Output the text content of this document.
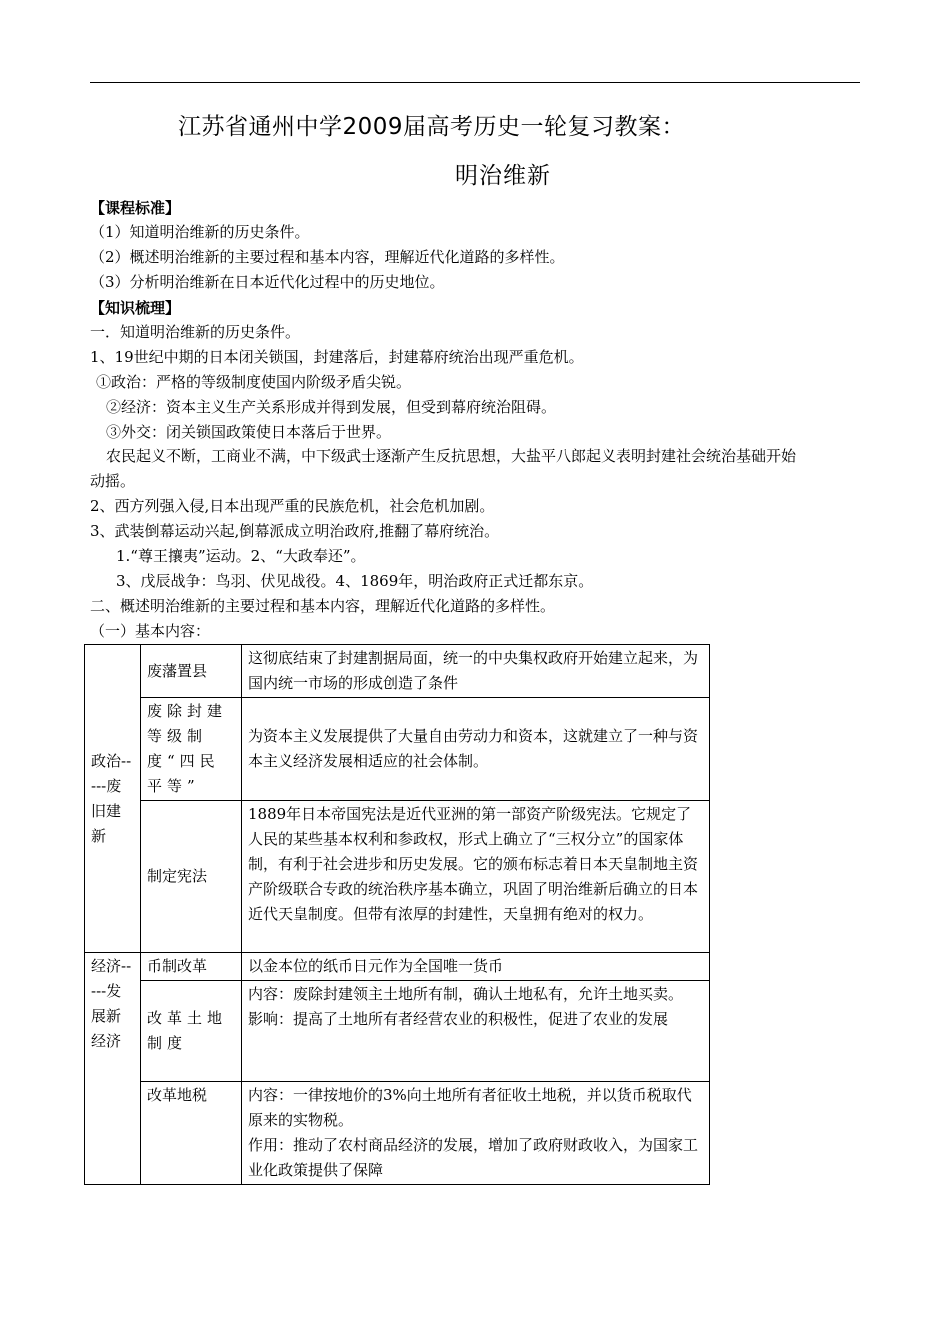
江苏省通州中学2009届高考历史一轮复习教案：
明治维新
【课程标准】
（1）知道明治维新的历史条件。
（2）概述明治维新的主要过程和基本内容，理解近代化道路的多样性。
（3）分析明治维新在日本近代化过程中的历史地位。
【知识梳理】
一．知道明治维新的历史条件。
1、19世纪中期的日本闭关锁国，封建落后，封建幕府统治出现严重危机。
①政治：严格的等级制度使国内阶级矛盾尖锐。
②经济：资本主义生产关系形成并得到发展，但受到幕府统治阻碍。
③外交：闭关锁国政策使日本落后于世界。
农民起义不断，工商业不满，中下级武士逐渐产生反抗思想，大盐平八郎起义表明封建社会统治基础开始
动摇。
2、西方列强入侵,日本出现严重的民族危机，社会危机加剧。
3、武装倒幕运动兴起,倒幕派成立明治政府,推翻了幕府统治。
1.“尊王攘夷”运动。2、“大政奉还”。
3、戊辰战争：鸟羽、伏见战役。4、1869年，明治政府正式迁都东京。
二、概述明治维新的主要过程和基本内容，理解近代化道路的多样性。
（一）基本内容：
政治-----废旧建新	废藩置县	这彻底结束了封建割据局面，统一的中央集权政府开始建立起来，为国内统一市场的形成创造了条件
	废除封建等级制度“四民平等”	为资本主义发展提供了大量自由劳动力和资本，这就建立了一种与资本主义经济发展相适应的社会体制。
	制定宪法	1889年日本帝国宪法是近代亚洲的第一部资产阶级宪法。它规定了人民的某些基本权利和参政权，形式上确立了“三权分立”的国家体制，有利于社会进步和历史发展。它的颁布标志着日本天皇制地主资产阶级联合专政的统治秩序基本确立，巩固了明治维新后确立的日本近代天皇制度。但带有浓厚的封建性，天皇拥有绝对的权力。
经济-----发展新经济	币制改革	以金本位的纸币日元作为全国唯一货币
	改革土地制度	内容：废除封建领主土地所有制，确认土地私有，允许土地买卖。
影响：提高了土地所有者经营农业的积极性，促进了农业的发展

	改革地税	内容：一律按地价的3%向土地所有者征收土地税，并以货币税取代原来的实物税。
作用：推动了农村商品经济的发展，增加了政府财政收入，为国家工业化政策提供了保障
